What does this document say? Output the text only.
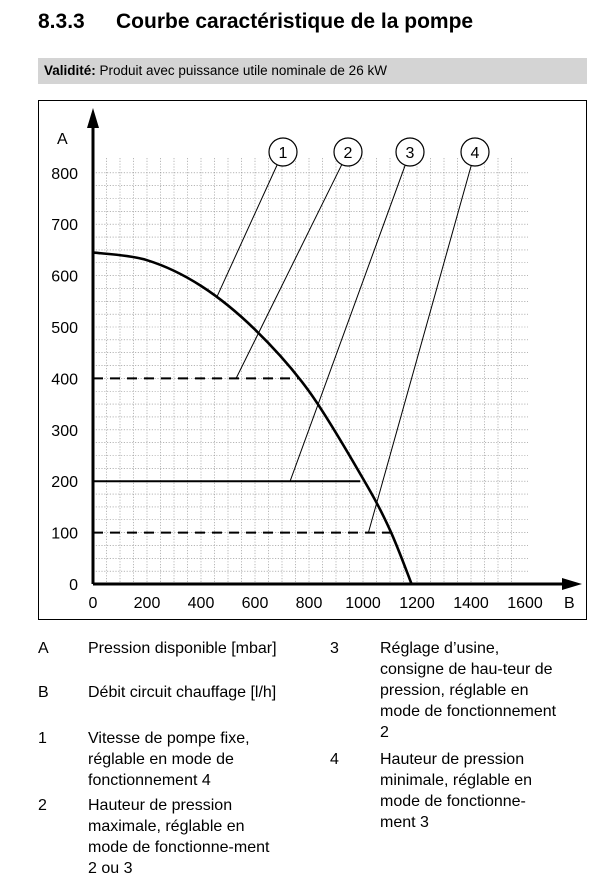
8.3.3 Courbe caractéristique de la pompe
Validité: Produit avec puissance utile nominale de 26 kW
0
100
200
300
400
500
600
700
800
0 200 400 600 800 1000 1200 1400 1600
A
B
1	2	3	4
A Pression disponible [mbar]
B Débit circuit chauffage [l/h]
1	Vitesse de pompe fixe, réglable en mode de fonctionnement 4
2	Hauteur de pression maximale, réglable en mode de fonctionne-ment 2 ou 3
3	Réglage d’usine, consigne de hau-teur de pression, réglable en mode de fonctionnement 2
4	Hauteur de pression minimale, réglable en mode de fonctionne-ment 3
